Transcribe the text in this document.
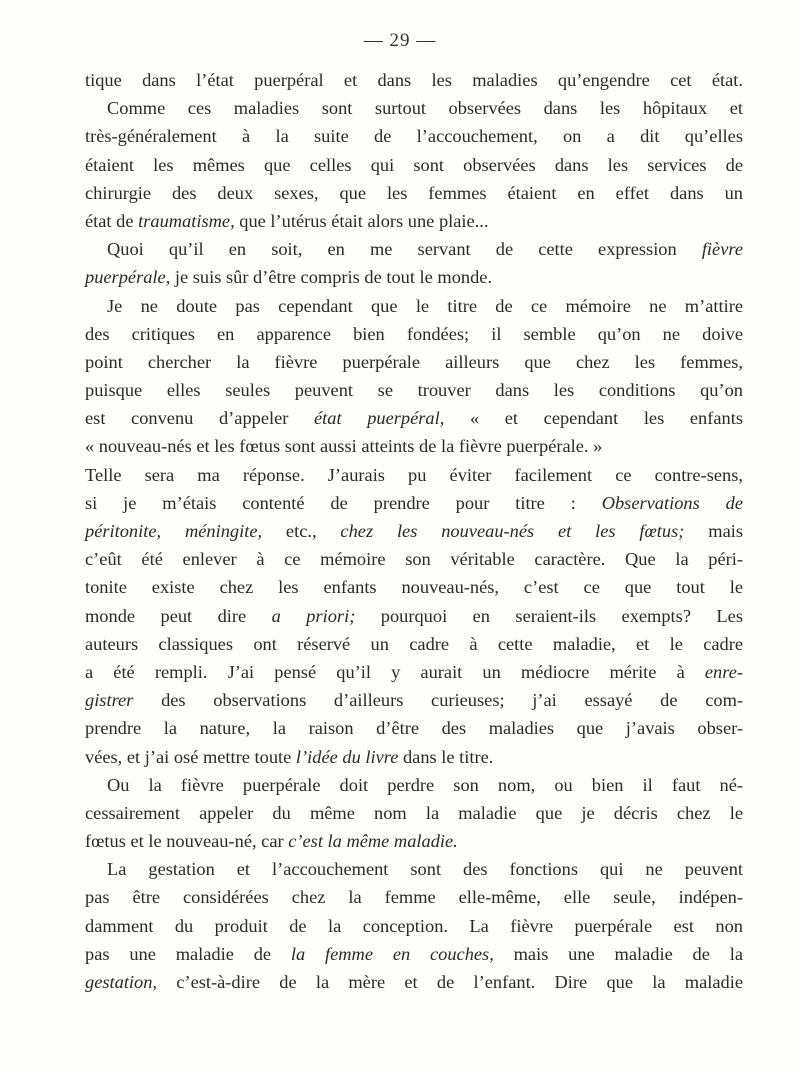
— 29 —
tique dans l’état puerpéral et dans les maladies qu’engendre cet état.
Comme ces maladies sont surtout observées dans les hôpitaux et
très-généralement à la suite de l’accouchement, on a dit qu’elles
étaient les mêmes que celles qui sont observées dans les services de
chirurgie des deux sexes, que les femmes étaient en effet dans un
état de traumatisme, que l’utérus était alors une plaie...
Quoi qu’il en soit, en me servant de cette expression fièvre
puerpérale, je suis sûr d’être compris de tout le monde.
Je ne doute pas cependant que le titre de ce mémoire ne m’attire
des critiques en apparence bien fondées; il semble qu’on ne doive
point chercher la fièvre puerpérale ailleurs que chez les femmes,
puisque elles seules peuvent se trouver dans les conditions qu’on
est convenu d’appeler état puerpéral, « et cependant les enfants
« nouveau-nés et les fœtus sont aussi atteints de la fièvre puerpérale. »
Telle sera ma réponse. J’aurais pu éviter facilement ce contre-sens,
si je m’étais contenté de prendre pour titre : Observations de
péritonite, méningite, etc., chez les nouveau-nés et les fœtus; mais
c’eût été enlever à ce mémoire son véritable caractère. Que la péri-
tonite existe chez les enfants nouveau-nés, c’est ce que tout le
monde peut dire a priori; pourquoi en seraient-ils exempts? Les
auteurs classiques ont réservé un cadre à cette maladie, et le cadre
a été rempli. J’ai pensé qu’il y aurait un médiocre mérite à enre-
gistrer des observations d’ailleurs curieuses; j’ai essayé de com-
prendre la nature, la raison d’être des maladies que j’avais obser-
vées, et j’ai osé mettre toute l’idée du livre dans le titre.
Ou la fièvre puerpérale doit perdre son nom, ou bien il faut né-
cessairement appeler du même nom la maladie que je décris chez le
fœtus et le nouveau-né, car c’est la même maladie.
La gestation et l’accouchement sont des fonctions qui ne peuvent
pas être considérées chez la femme elle-même, elle seule, indépen-
damment du produit de la conception. La fièvre puerpérale est non
pas une maladie de la femme en couches, mais une maladie de la
gestation, c’est-à-dire de la mère et de l’enfant. Dire que la maladie
